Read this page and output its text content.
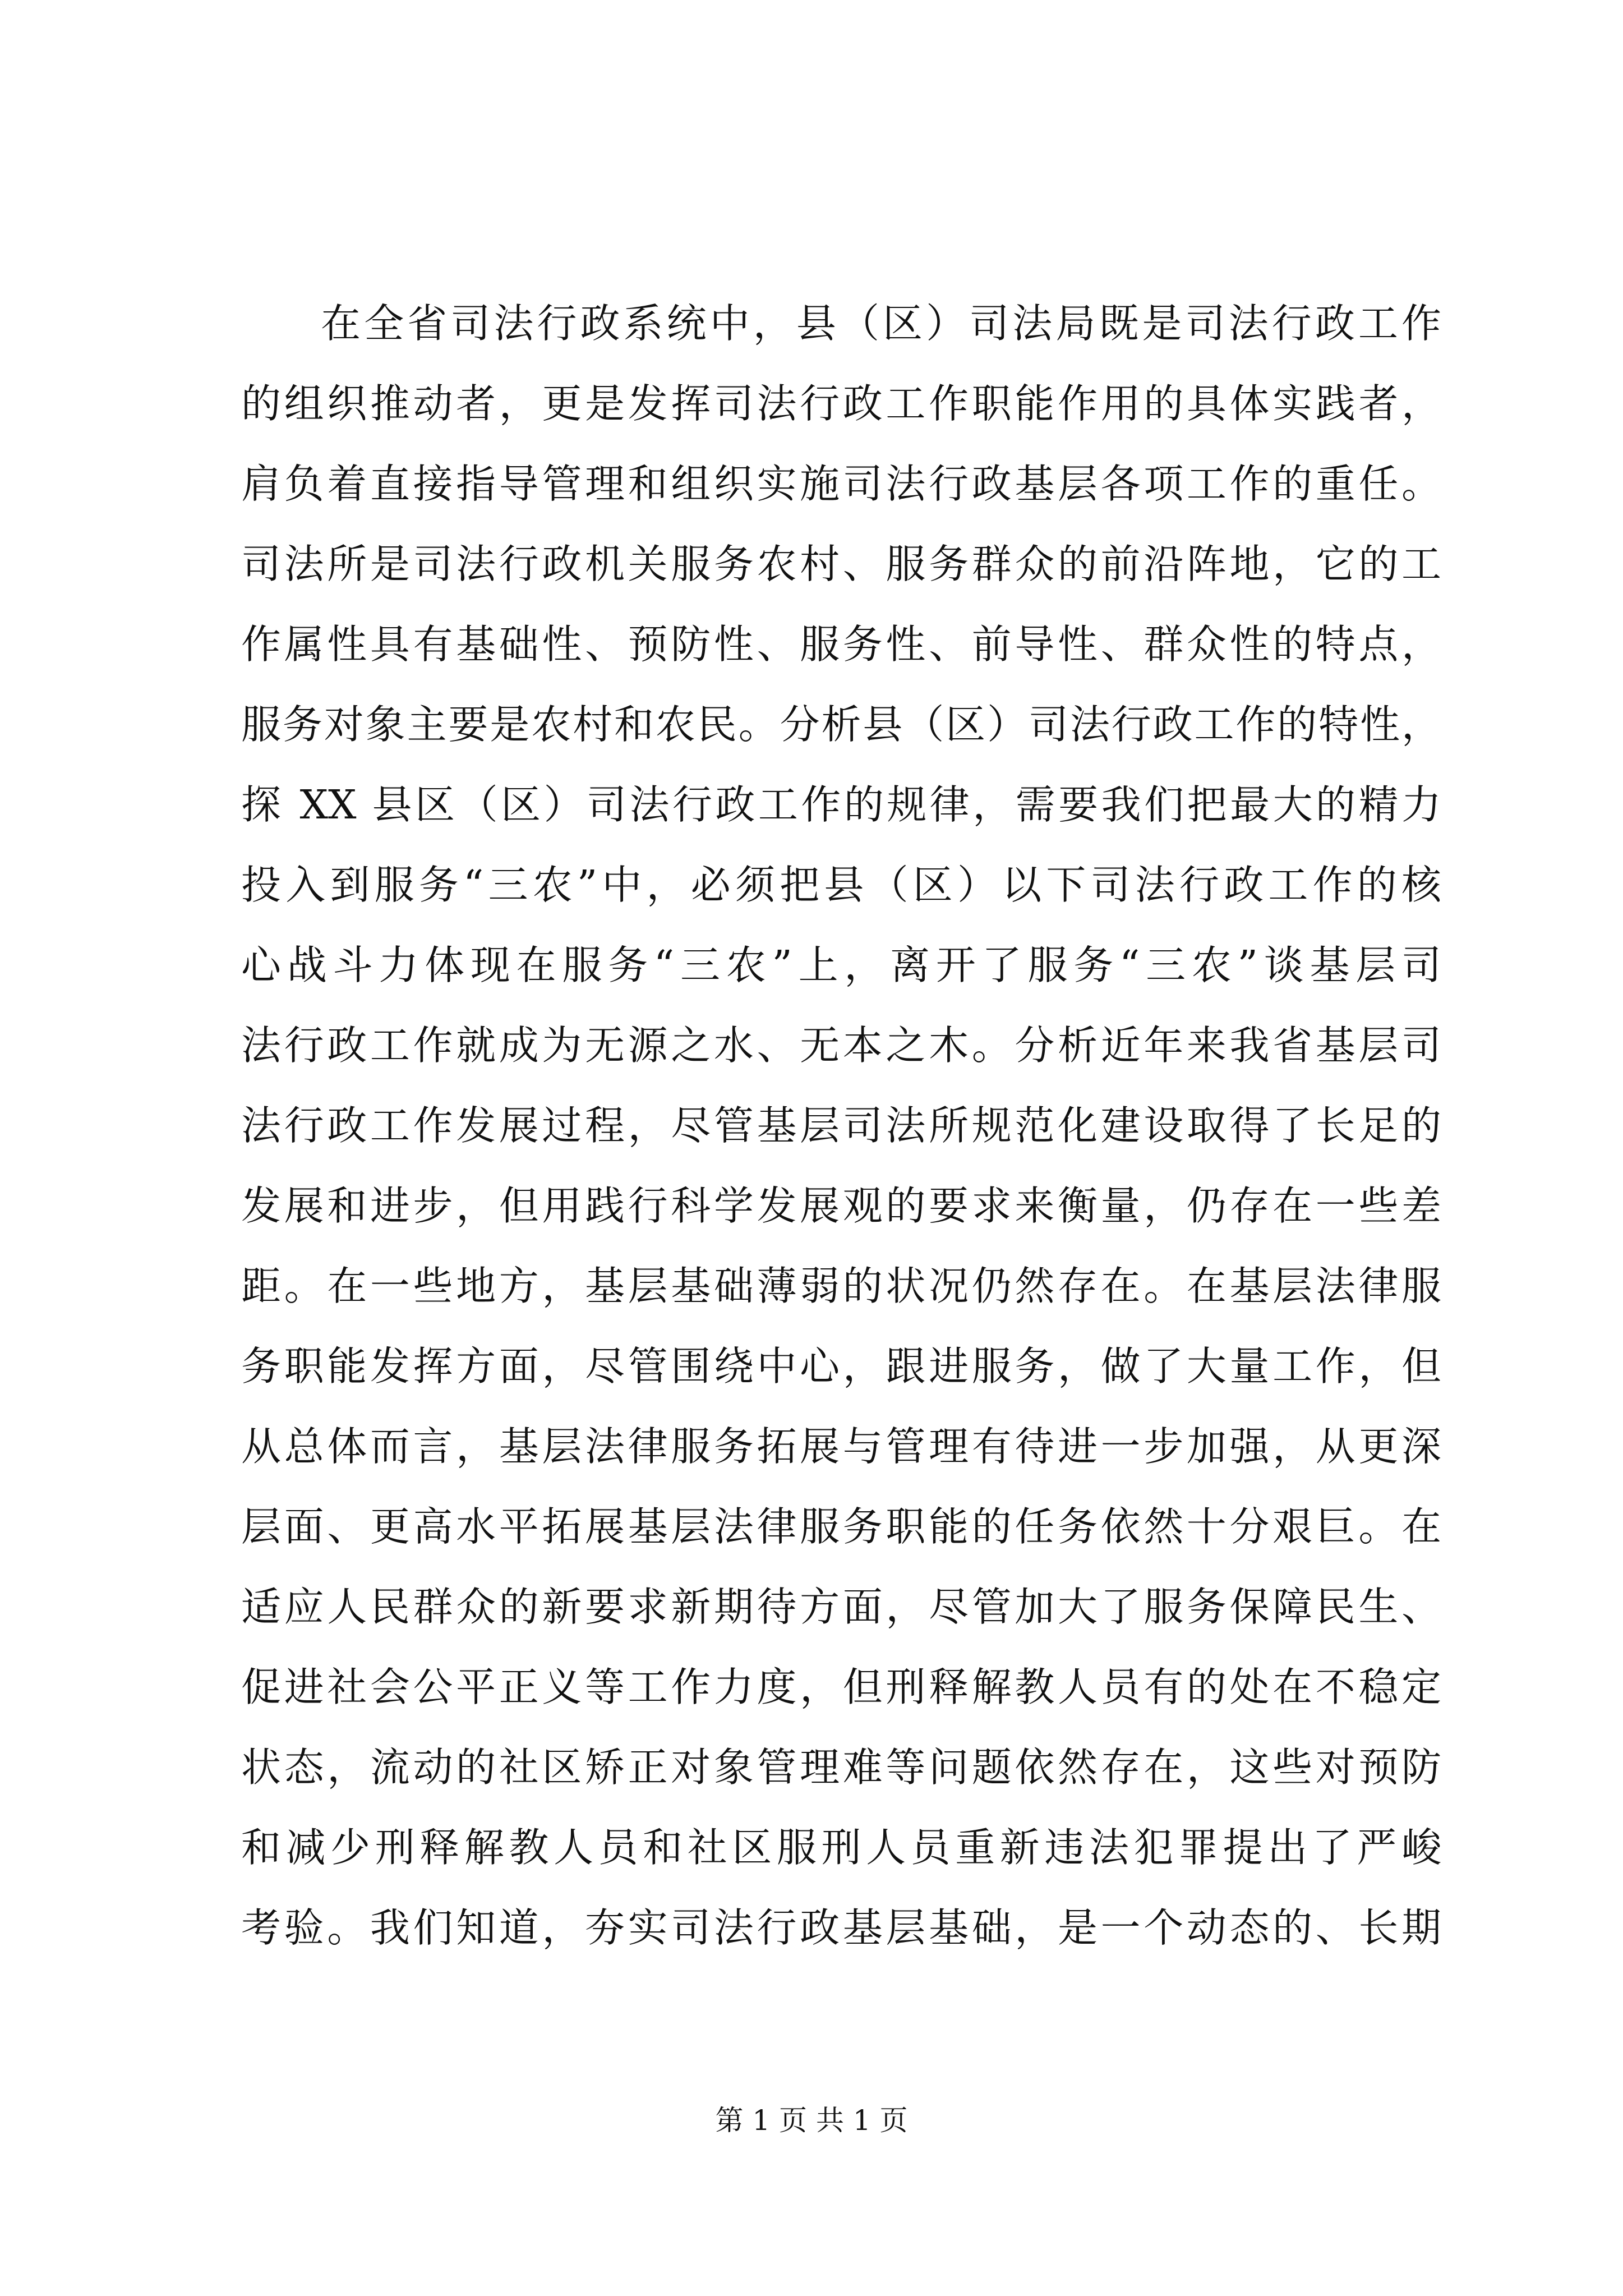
在全省司法行政系统中，县（区）司法局既是司法行政工作
的组织推动者，更是发挥司法行政工作职能作用的具体实践者，
肩负着直接指导管理和组织实施司法行政基层各项工作的重任。
司法所是司法行政机关服务农村、服务群众的前沿阵地，它的工
作属性具有基础性、预防性、服务性、前导性、群众性的特点，
服务对象主要是农村和农民。分析县（区）司法行政工作的特性，
探 XX 县区（区）司法行政工作的规律，需要我们把最大的精力
投入到服务“三农”中，必须把县（区）以下司法行政工作的核
心战斗力体现在服务“三农”上，离开了服务“三农”谈基层司
法行政工作就成为无源之水、无本之木。分析近年来我省基层司
法行政工作发展过程，尽管基层司法所规范化建设取得了长足的
发展和进步，但用践行科学发展观的要求来衡量，仍存在一些差
距。在一些地方，基层基础薄弱的状况仍然存在。在基层法律服
务职能发挥方面，尽管围绕中心，跟进服务，做了大量工作，但
从总体而言，基层法律服务拓展与管理有待进一步加强，从更深
层面、更高水平拓展基层法律服务职能的任务依然十分艰巨。在
适应人民群众的新要求新期待方面，尽管加大了服务保障民生、
促进社会公平正义等工作力度，但刑释解教人员有的处在不稳定
状态，流动的社区矫正对象管理难等问题依然存在，这些对预防
和减少刑释解教人员和社区服刑人员重新违法犯罪提出了严峻
考验。我们知道，夯实司法行政基层基础，是一个动态的、长期
第 1 页 共 1 页
